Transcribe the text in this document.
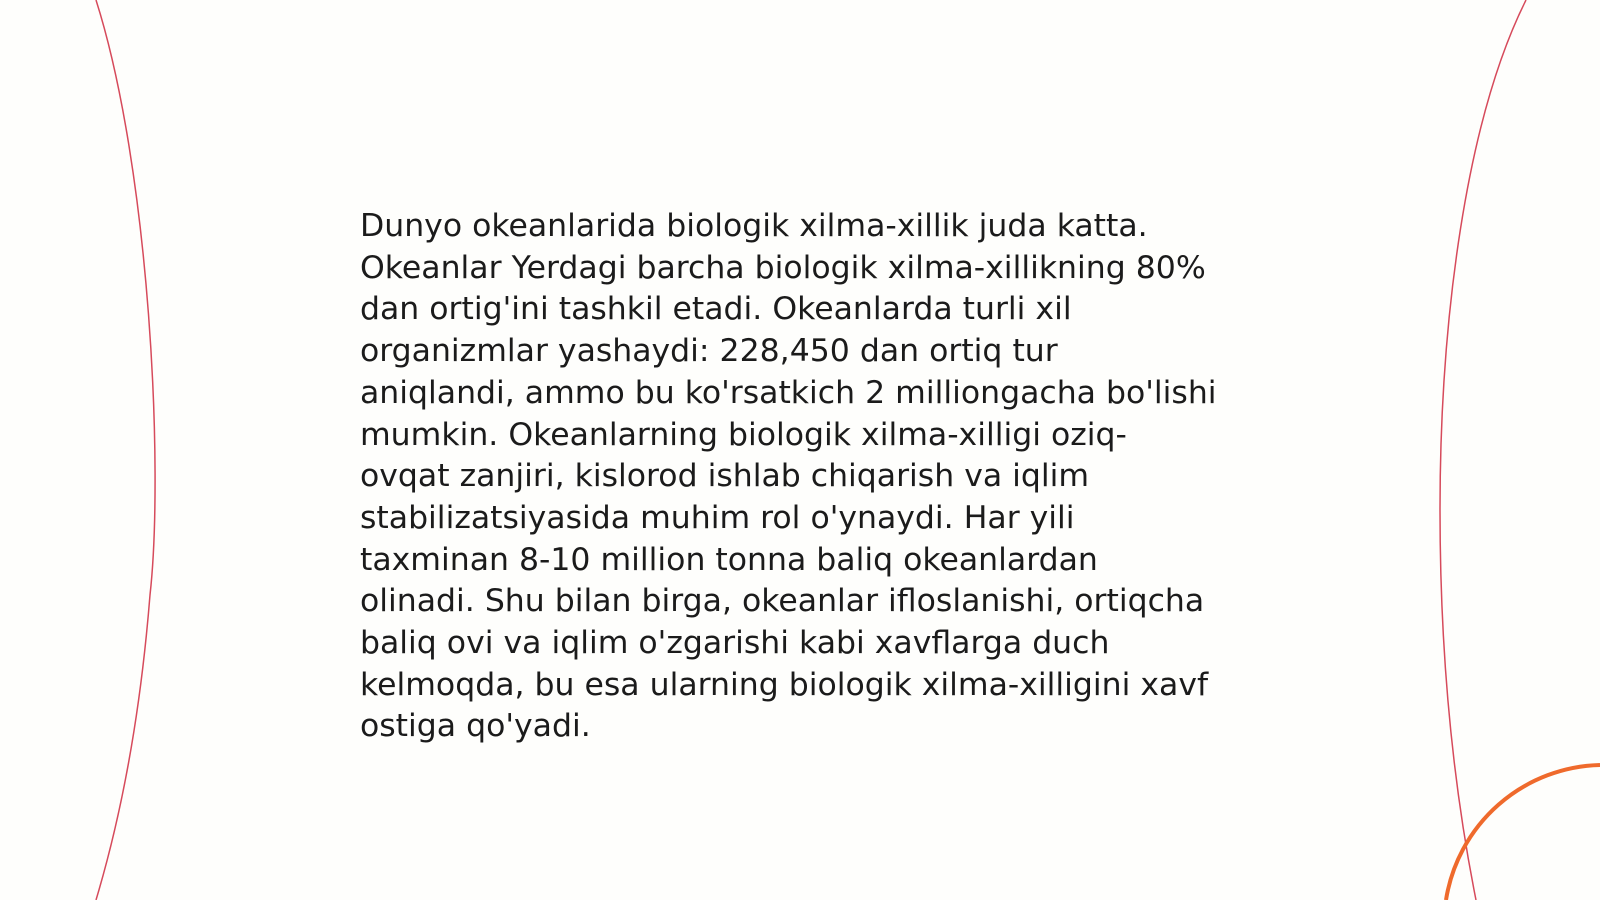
Dunyo okeanlarida biologik xilma-xillik juda katta.
Okeanlar Yerdagi barcha biologik xilma-xillikning 80%
dan ortig'ini tashkil etadi. Okeanlarda turli xil
organizmlar yashaydi: 228,450 dan ortiq tur
aniqlandi, ammo bu ko'rsatkich 2 milliongacha bo'lishi
mumkin. Okeanlarning biologik xilma-xilligi oziq-
ovqat zanjiri, kislorod ishlab chiqarish va iqlim
stabilizatsiyasida muhim rol o'ynaydi. Har yili
taxminan 8-10 million tonna baliq okeanlardan
olinadi. Shu bilan birga, okeanlar ifloslanishi, ortiqcha
baliq ovi va iqlim o'zgarishi kabi xavflarga duch
kelmoqda, bu esa ularning biologik xilma-xilligini xavf
ostiga qo'yadi.
